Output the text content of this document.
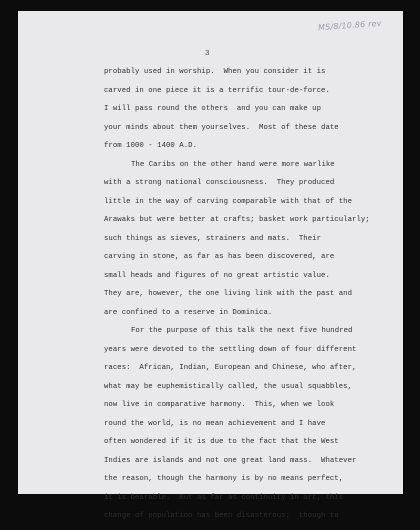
MS/8/10.86 rev
3
probably used in worship.  When you consider it is
carved in one piece it is a terrific tour-de-force.
I will pass round the others  and you can make up
your minds about them yourselves.  Most of these date
from 1000 - 1400 A.D.
The Caribs on the other hand were more warlike
with a strong national consciousness.  They produced
little in the way of carving comparable with that of the
Arawaks but were better at crafts; basket work particularly;
such things as sieves, strainers and mats.  Their
carving in stone, as far as has been discovered, are
small heads and figures of no great artistic value.
They are, however, the one living link with the past and
are confined to a reserve in Dominica.
For the purpose of this talk the next five hundred
years were devoted to the settling down of four different
races:  African, Indian, European and Chinese, who after,
what may be euphemistically called, the usual squabbles,
now live in comparative harmony.  This, when we look
round the world, is no mean achievement and I have
often wondered if it is due to the fact that the West
Indies are islands and not one great land mass.  Whatever
the reason, though the harmony is by no means perfect,
it is bearable.  But as far as continuity in art, this
change of population has been disasterous;  though to
